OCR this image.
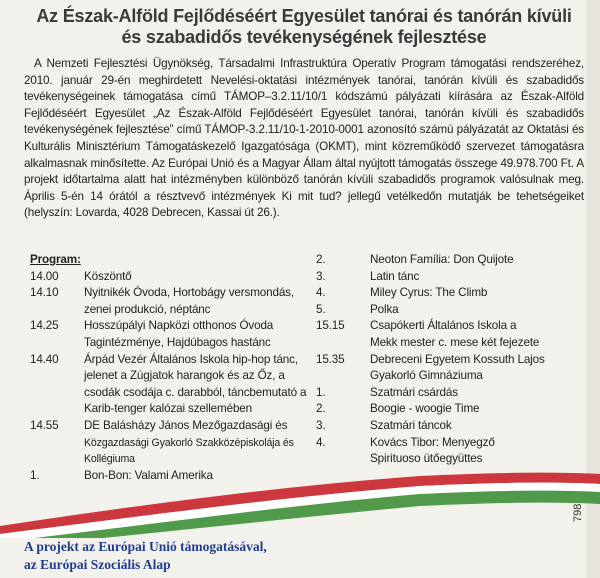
Az Észak-Alföld Fejlődéséért Egyesület tanórai és tanórán kívüli
és szabadidős tevékenységének fejlesztése

A Nemzeti Fejlesztési Ügynökség, Társadalmi Infrastruktúra Operatív Program támogatási rendszeréhez, 2010. január 29-én meghirdetett Nevelési-oktatási intézmények tanórai, tanórán kívüli és szabadidős tevékenységeinek támogatása című TÁMOP–3.2.11/10/1 kódszámú pályázati kiírására az Észak-Alföld Fejlődéséért Egyesület „Az Észak-Alföld Fejlődéséért Egyesület tanórai, tanórán kívüli és szabadidős tevékenységének fejlesztése” című TÁMOP-3.2.11/10-1-2010-0001 azonosító számú pályázatát az Oktatási és Kulturális Minisztérium Támogatáskezelő Igazgatósága (OKMT), mint közreműködő szervezet támogatásra alkalmasnak minősítette. Az Európai Unió és a Magyar Állam által nyújtott támogatás összege 49.978.700 Ft. A projekt időtartalma alatt hat intézményben különböző tanórán kívüli szabadidős programok valósulnak meg. Április 5-én 14 órától a résztvevő intézmények Ki mit tud? jellegű vetélkedőn mutatják be tehetségeiket (helyszín: Lovarda, 4028 Debrecen, Kassai út 26.).

Program:
14.00	Köszöntő
14.10	Nyitnikék Óvoda, Hortobágy versmondás,
zenei produkció, néptánc
14.25	Hosszúpályi Napközi otthonos Óvoda
Tagintézménye, Hajdúbagos hastánc
14.40	Árpád Vezér Általános Iskola hip-hop tánc,
jelenet a Zúgjatok harangok és az Őz, a
csodák csodája c. darabból, táncbemutató a
Karib-tenger kalózai szellemében
14.55	DE Balásházy János Mezőgazdasági és
Közgazdasági Gyakorló Szakközépiskolája és Kollégiuma
1.	Bon-Bon: Valami Amerika
2.	Neoton Família: Don Quijote
3.	Latin tánc
4.	Miley Cyrus: The Climb
5.	Polka
15.15	Csapókerti Általános Iskola a
Mekk mester c. mese két fejezete
15.35	Debreceni Egyetem Kossuth Lajos
Gyakorló Gimnáziuma
1.	Szatmári csárdás
2.	Boogie - woogie Time
3.	Szatmári táncok
4.	Kovács Tibor: Menyegző
Spirituoso ütőegyüttes
A projekt az Európai Unió támogatásával,
az Európai Szociális Alap
798
